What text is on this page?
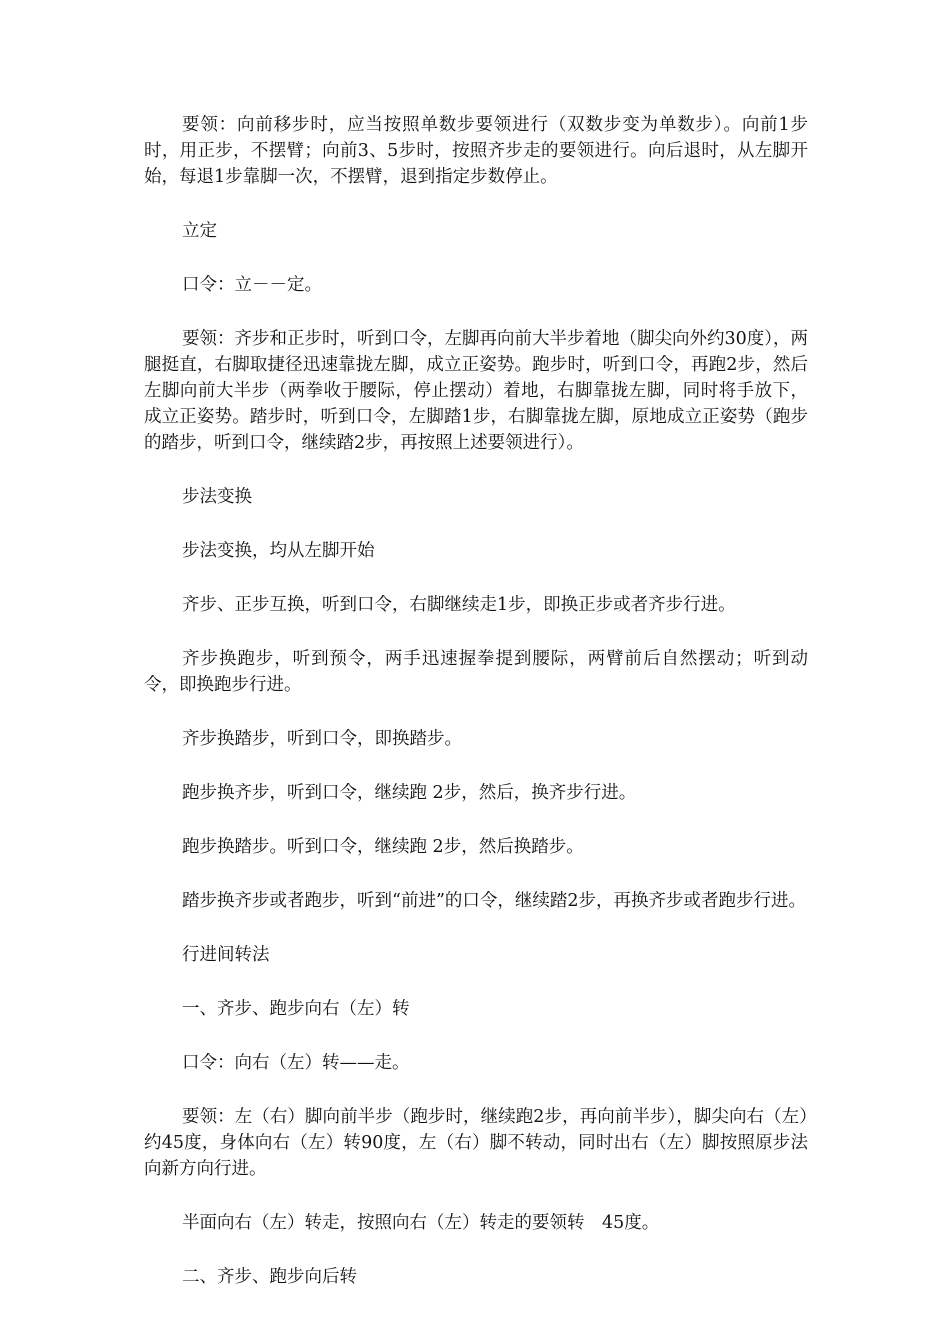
要领：向前移步时，应当按照单数步要领进行（双数步变为单数步）。向前1步时，用正步，不摆臂；向前3、5步时，按照齐步走的要领进行。向后退时，从左脚开始，每退1步靠脚一次，不摆臂，退到指定步数停止。

立定

口令：立－－定。

要领：齐步和正步时，听到口令，左脚再向前大半步着地（脚尖向外约30度），两腿挺直，右脚取捷径迅速靠拢左脚，成立正姿势。跑步时，听到口令，再跑2步，然后左脚向前大半步（两拳收于腰际，停止摆动）着地，右脚靠拢左脚，同时将手放下，成立正姿势。踏步时，听到口令，左脚踏1步，右脚靠拢左脚，原地成立正姿势（跑步的踏步，听到口令，继续踏2步，再按照上述要领进行）。

步法变换

步法变换，均从左脚开始

齐步、正步互换，听到口令，右脚继续走1步，即换正步或者齐步行进。

齐步换跑步，听到预令，两手迅速握拳提到腰际，两臂前后自然摆动；听到动令，即换跑步行进。

齐步换踏步，听到口令，即换踏步。

跑步换齐步，听到口令，继续跑 2步，然后，换齐步行进。

跑步换踏步。听到口令，继续跑 2步，然后换踏步。

踏步换齐步或者跑步，听到“前进”的口令，继续踏2步，再换齐步或者跑步行进。

行进间转法

一、齐步、跑步向右（左）转

口令：向右（左）转——走。

要领：左（右）脚向前半步（跑步时，继续跑2步，再向前半步），脚尖向右（左）约45度，身体向右（左）转90度，左（右）脚不转动，同时出右（左）脚按照原步法向新方向行进。

半面向右（左）转走，按照向右（左）转走的要领转　45度。

二、齐步、跑步向后转
